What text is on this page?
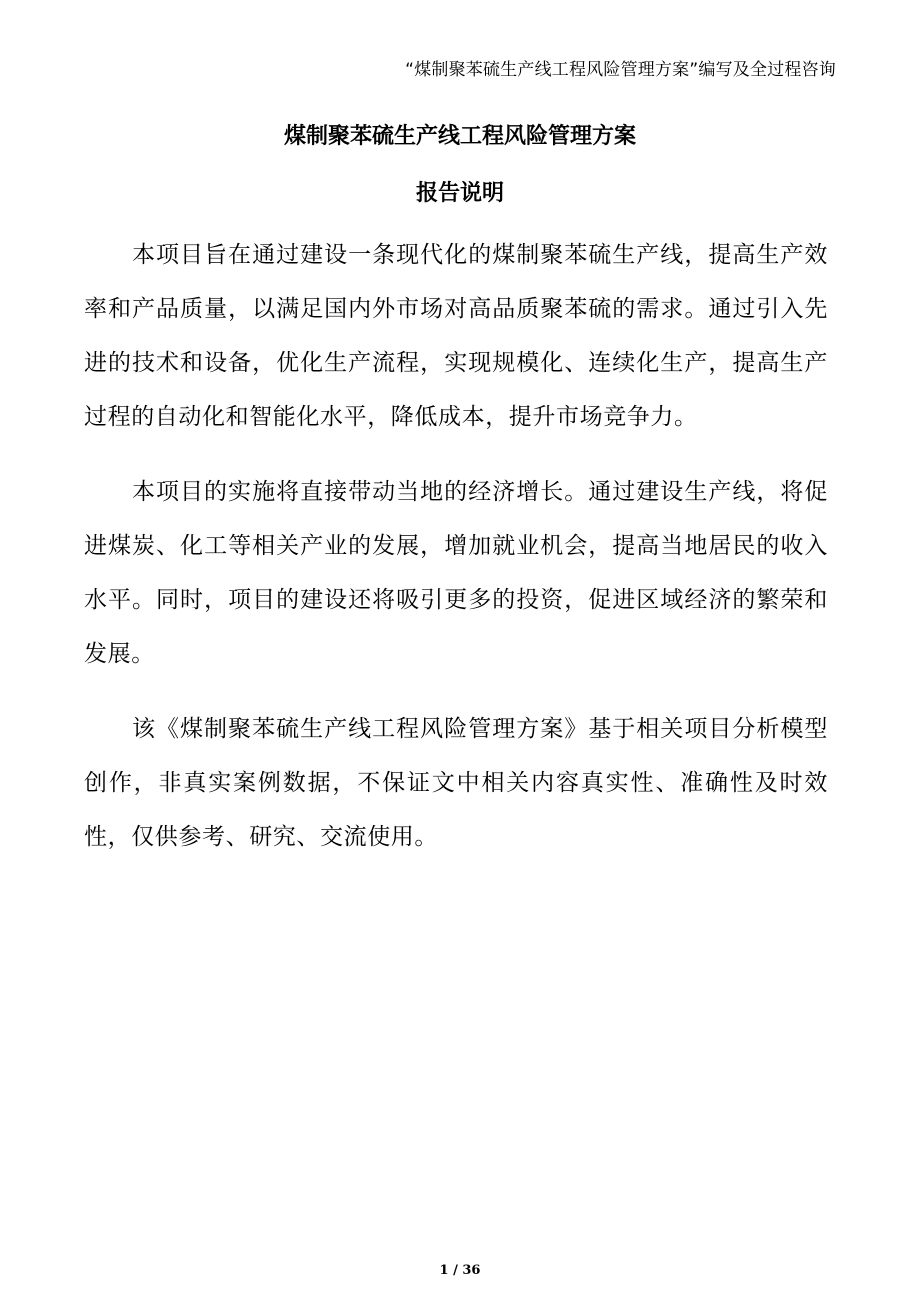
“煤制聚苯硫生产线工程风险管理方案”编写及全过程咨询
煤制聚苯硫生产线工程风险管理方案
报告说明

本项目旨在通过建设一条现代化的煤制聚苯硫生产线，提高生产效率和产品质量，以满足国内外市场对高品质聚苯硫的需求。通过引入先进的技术和设备，优化生产流程，实现规模化、连续化生产，提高生产过程的自动化和智能化水平，降低成本，提升市场竞争力。

本项目的实施将直接带动当地的经济增长。通过建设生产线，将促进煤炭、化工等相关产业的发展，增加就业机会，提高当地居民的收入水平。同时，项目的建设还将吸引更多的投资，促进区域经济的繁荣和发展。

该《煤制聚苯硫生产线工程风险管理方案》基于相关项目分析模型创作，非真实案例数据，不保证文中相关内容真实性、准确性及时效性，仅供参考、研究、交流使用。

1 / 36
